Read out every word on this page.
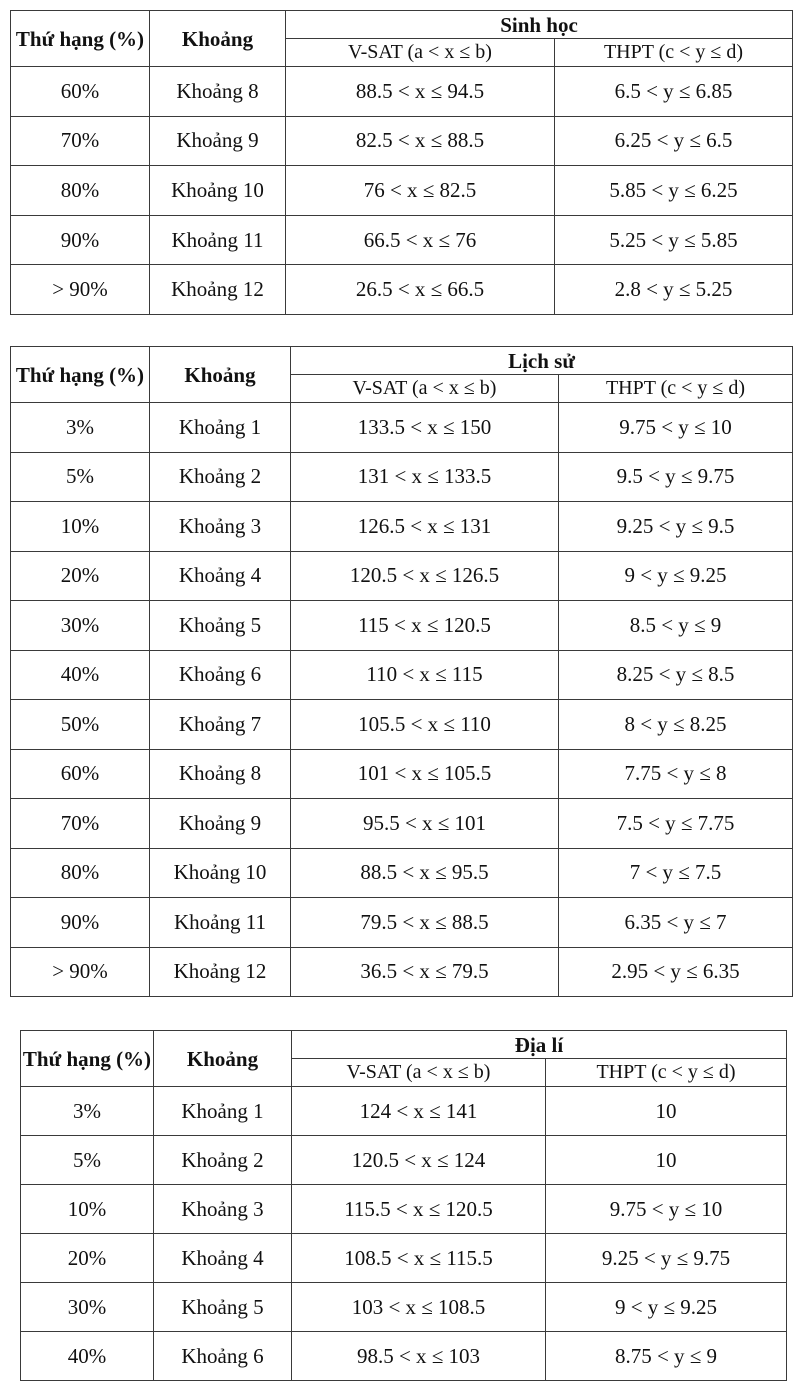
Thứ hạng (%)	Khoảng	Sinh học	
		V-SAT (a < x ≤ b)	THPT (c < y ≤ d)
60%	Khoảng 8	88.5 < x ≤ 94.5	6.5 < y ≤ 6.85
70%	Khoảng 9	82.5 < x ≤ 88.5	6.25 < y ≤ 6.5
80%	Khoảng 10	76 < x ≤ 82.5	5.85 < y ≤ 6.25
90%	Khoảng 11	66.5 < x ≤ 76	5.25 < y ≤ 5.85
> 90%	Khoảng 12	26.5 < x ≤ 66.5	2.8 < y ≤ 5.25
Thứ hạng (%)	Khoảng	Lịch sử	
		V-SAT (a < x ≤ b)	THPT (c < y ≤ d)
3%	Khoảng 1	133.5 < x ≤ 150	9.75 < y ≤ 10
5%	Khoảng 2	131 < x ≤ 133.5	9.5 < y ≤ 9.75
10%	Khoảng 3	126.5 < x ≤ 131	9.25 < y ≤ 9.5
20%	Khoảng 4	120.5 < x ≤ 126.5	9 < y ≤ 9.25
30%	Khoảng 5	115 < x ≤ 120.5	8.5 < y ≤ 9
40%	Khoảng 6	110 < x ≤ 115	8.25 < y ≤ 8.5
50%	Khoảng 7	105.5 < x ≤ 110	8 < y ≤ 8.25
60%	Khoảng 8	101 < x ≤ 105.5	7.75 < y ≤ 8
70%	Khoảng 9	95.5 < x ≤ 101	7.5 < y ≤ 7.75
80%	Khoảng 10	88.5 < x ≤ 95.5	7 < y ≤ 7.5
90%	Khoảng 11	79.5 < x ≤ 88.5	6.35 < y ≤ 7
> 90%	Khoảng 12	36.5 < x ≤ 79.5	2.95 < y ≤ 6.35
Thứ hạng (%)	Khoảng	Địa lí	
		V-SAT (a < x ≤ b)	THPT (c < y ≤ d)
3%	Khoảng 1	124 < x ≤ 141	10
5%	Khoảng 2	120.5 < x ≤ 124	10
10%	Khoảng 3	115.5 < x ≤ 120.5	9.75 < y ≤ 10
20%	Khoảng 4	108.5 < x ≤ 115.5	9.25 < y ≤ 9.75
30%	Khoảng 5	103 < x ≤ 108.5	9 < y ≤ 9.25
40%	Khoảng 6	98.5 < x ≤ 103	8.75 < y ≤ 9
